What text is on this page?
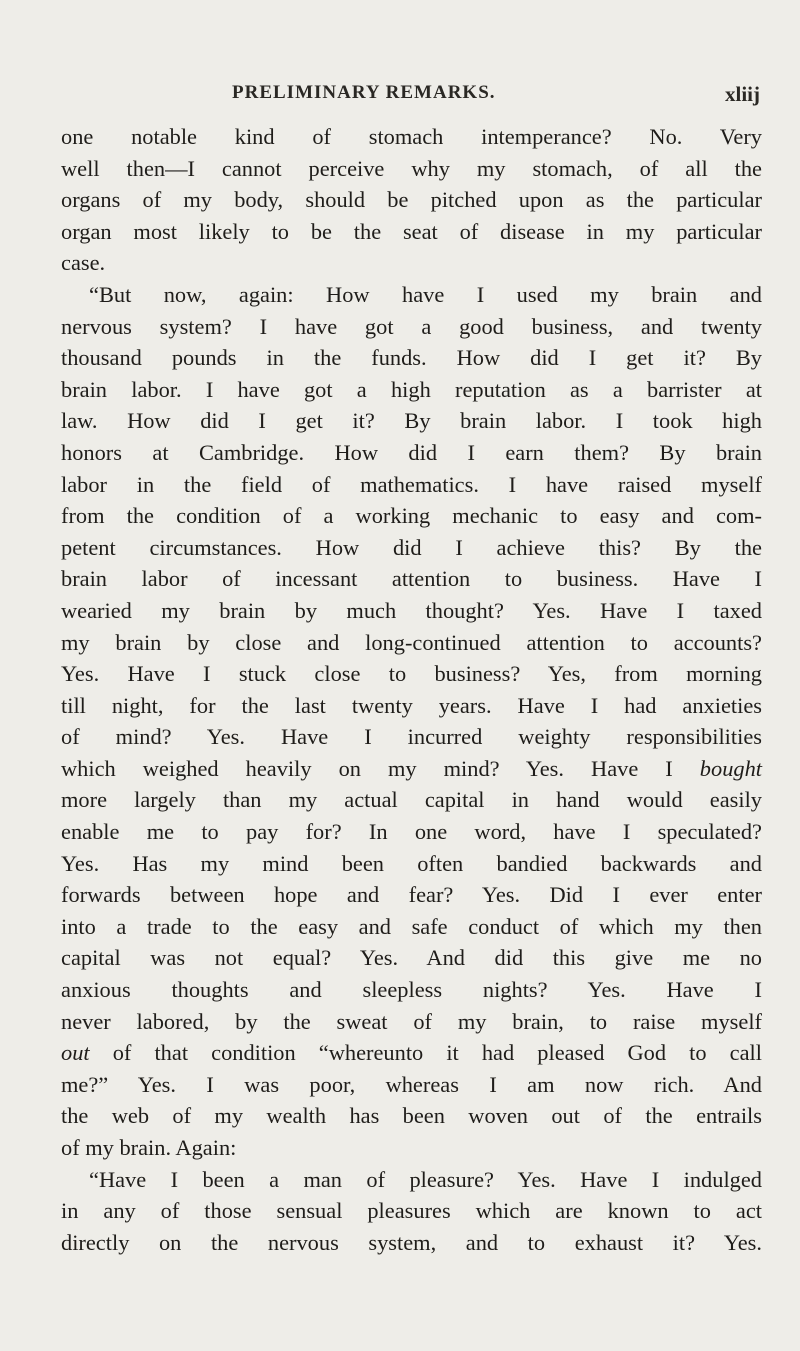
PRELIMINARY REMARKS.	xliij
one notable kind of stomach intemperance? No. Very
well then—I cannot perceive why my stomach, of all the
organs of my body, should be pitched upon as the particular
organ most likely to be the seat of disease in my particular
case.
“But now, again: How have I used my brain and
nervous system? I have got a good business, and twenty
thousand pounds in the funds. How did I get it? By
brain labor. I have got a high reputation as a barrister at
law. How did I get it? By brain labor. I took high
honors at Cambridge. How did I earn them? By brain
labor in the field of mathematics. I have raised myself
from the condition of a working mechanic to easy and com-
petent circumstances. How did I achieve this? By the
brain labor of incessant attention to business. Have I
wearied my brain by much thought? Yes. Have I taxed
my brain by close and long-continued attention to accounts?
Yes. Have I stuck close to business? Yes, from morning
till night, for the last twenty years. Have I had anxieties
of mind? Yes. Have I incurred weighty responsibilities
which weighed heavily on my mind? Yes. Have I bought
more largely than my actual capital in hand would easily
enable me to pay for? In one word, have I speculated?
Yes. Has my mind been often bandied backwards and
forwards between hope and fear? Yes. Did I ever enter
into a trade to the easy and safe conduct of which my then
capital was not equal? Yes. And did this give me no
anxious thoughts and sleepless nights? Yes. Have I
never labored, by the sweat of my brain, to raise myself
out of that condition “whereunto it had pleased God to call
me?” Yes. I was poor, whereas I am now rich. And
the web of my wealth has been woven out of the entrails
of my brain. Again:
“Have I been a man of pleasure? Yes. Have I indulged
in any of those sensual pleasures which are known to act
directly on the nervous system, and to exhaust it? Yes.
